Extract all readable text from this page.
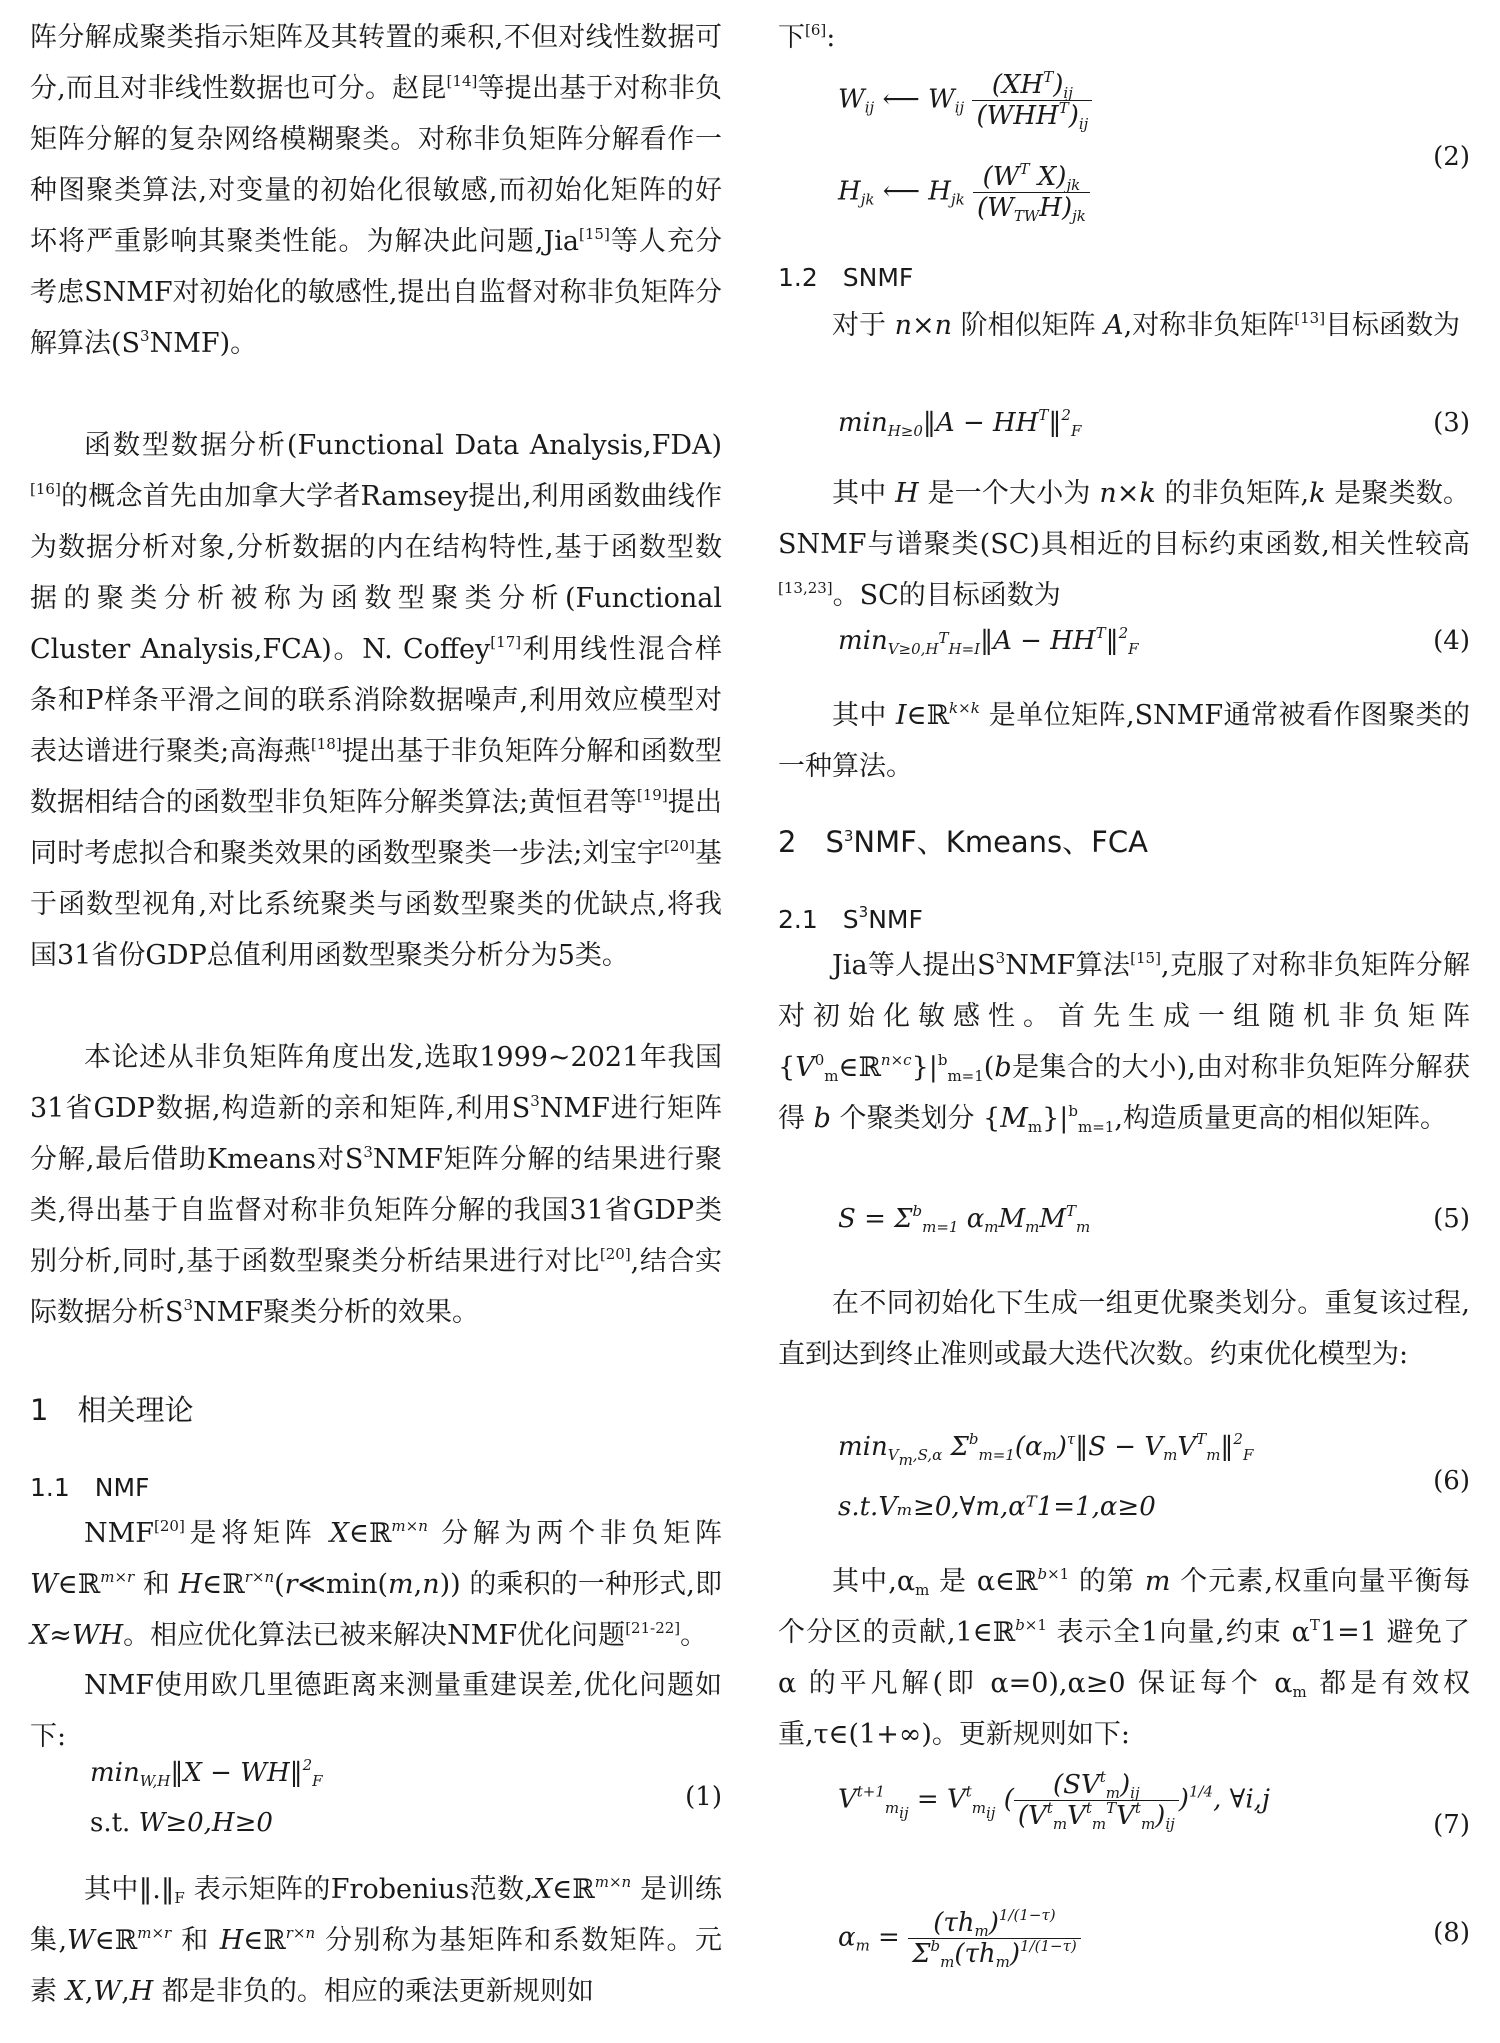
阵分解成聚类指示矩阵及其转置的乘积,不但对线性数据可分,而且对非线性数据也可分。赵昆[14]等提出基于对称非负矩阵分解的复杂网络模糊聚类。对称非负矩阵分解看作一种图聚类算法,对变量的初始化很敏感,而初始化矩阵的好坏将严重影响其聚类性能。为解决此问题,Jia[15]等人充分考虑SNMF对初始化的敏感性,提出自监督对称非负矩阵分解算法$(S^3NMF)$。

函数型数据分析(Functional Data Analysis,FDA)[16]的概念首先由加拿大学者Ramsey提出,利用函数曲线作为数据分析对象,分析数据的内在结构特性,基于函数型数据的聚类分析被称为函数型聚类分析(Functional Cluster Analysis,FCA)。N. Coffey[17]利用线性混合样条和P样条平滑之间的联系消除数据噪声,利用效应模型对表达谱进行聚类;高海燕[18]提出基于非负矩阵分解和函数型数据相结合的函数型非负矩阵分解类算法;黄恒君等[19]提出同时考虑拟合和聚类效果的函数型聚类一步法;刘宝宇[20]基于函数型视角,对比系统聚类与函数型聚类的优缺点,将我国31省份GDP总值利用函数型聚类分析分为5类。

本论述从非负矩阵角度出发,选取1999~2021年我国31省GDP数据,构造新的亲和矩阵,利用$S^3NMF$进行矩阵分解,最后借助Kmeans对$S^3NMF$矩阵分解的结果进行聚类,得出基于自监督对称非负矩阵分解的我国31省GDP类别分析,同时,基于函数型聚类分析结果进行对比[20],结合实际数据分析$S^3NMF$聚类分析的效果。

1　相关理论
1.1　NMF

NMF[20]是将矩阵 X∈ℝ$^{m\times n}$ 分解为两个非负矩阵 W∈ℝ$^{m\times r}$ 和 H∈ℝ$^{r\times n}$(r≪min(m,n)) 的乘积的一种形式,即 X≈WH。相应优化算法已被来解决NMF优化问题[21-22]。

NMF使用欧几里德距离来测量重建误差,优化问题如下:

$\min_{W,H}‖X$ − WH‖$^2_F$
s.t. W≥0,H≥0
(1)

其中$‖.‖_F$ 表示矩阵的Frobenius范数,X∈ℝ$^{m\times n}$ 是训练集,W∈ℝ$^{m\times r}$ 和 H∈ℝ$^{r\times n}$ 分别称为基矩阵和系数矩阵。元素 X,W,H 都是非负的。相应的乘法更新规则如

下[6]:

$W_{ij}$ ⟵ $W_{ij} \frac{(XH^T)_{ij}}{(WHH^T)_{ij}}$
$H_{jk}$ ⟵ $H_{jk} \frac{(W^T X)_{jk}}{(W_{TW}H)_{jk}}$
(2)
1.2　SNMF

对于 n×n 阶相似矩阵 A,对称非负矩阵[13]目标函数为

$\min_{H\ge 0}‖A$ − $HH^T‖^2_F$	(3)

其中 H 是一个大小为 n×k 的非负矩阵,k 是聚类数。SNMF与谱聚类(SC)具相近的目标约束函数,相关性较高[13,23]。SC的目标函数为

$\min_{V\ge 0,H^TH=I}‖A$ − $HH^T‖^2_F$	(4)

其中 I∈ℝ$^{k\times k}$ 是单位矩阵,SNMF通常被看作图聚类的一种算法。

2　$S^3NMF$、Kmeans、FCA
2.1　$S^3NMF$

Jia等人提出$S^3NMF$算法[15],克服了对称非负矩阵分解对初始化敏感性。首先生成一组随机非负矩阵$\{V^0_m\in ℝ^{n\times c}\}|^b_{m=1}(b$是集合的大小),由对称非负矩阵分解获得 b 个聚类划分 $\{M_m\}|^b_{m=1}$,构造质量更高的相似矩阵。

$S = \Sigma^b_{m=1}$ $\alpha_mM_mM^T_m$	(5)

在不同初始化下生成一组更优聚类划分。重复该过程,直到达到终止准则或最大迭代次数。约束优化模型为:

$\min_{V_m,S,\alpha}$ $\Sigma^b_{m=1}(\alpha_m)^\tau‖S$ − $V_mV^T_m‖^2_F$
s.t.Vₘ≥0,∀m,αᵀ1=1,α≥0
(6)

其中$,\alpha_m$ 是 α∈ℝ$^{b\times 1}$ 的第 m 个元素,权重向量平衡每个分区的贡献,1∈ℝ$^{b\times 1}$ 表示全1向量,约束 $\alpha^T1=1$ 避免了 α 的平凡解(即 α=0),α≥0 保证每个 $\alpha_m$ 都是有效权重,τ∈(1+∞)。更新规则如下:

$V^{t+1}_{m_{ij}} = V^t_{m_{ij}}$ ( $\frac{(SV^t_m)_{ij}}{(V^t_mV^t_m^TV^t_m)_{ij}} )^{1/4}$, ∀i,j
(7)
$\alpha_m = \frac{(\tau h_m)^{1/(1-\tau)}}{\Sigma^b_m(\tau h_m)^{1/(1-\tau)}}$	(8)
